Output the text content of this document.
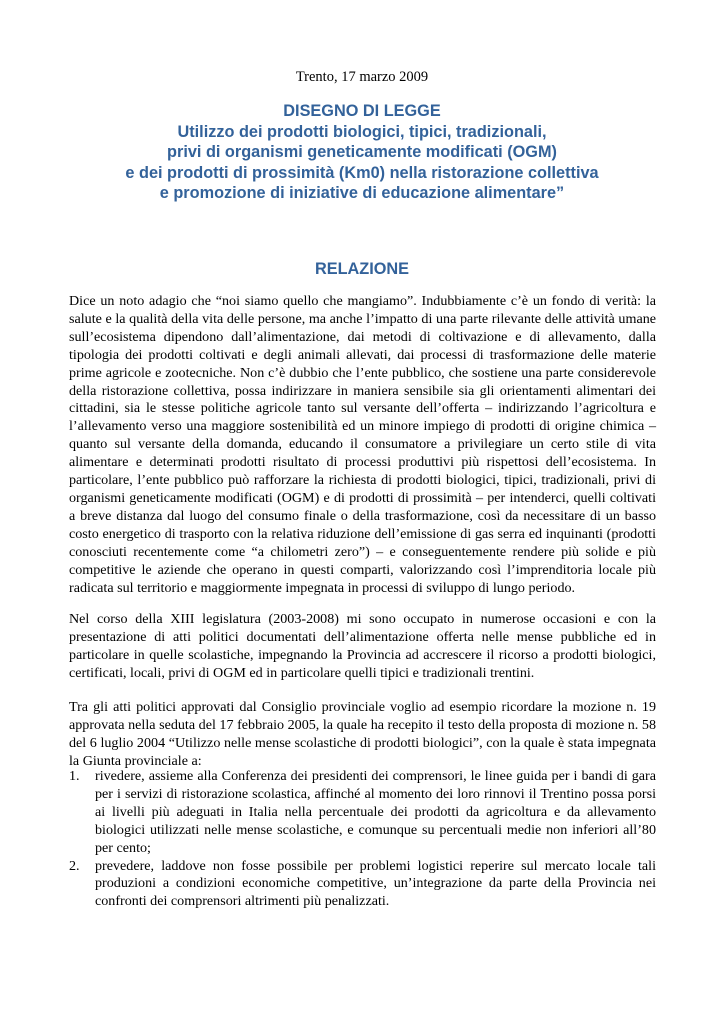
Trento, 17 marzo 2009
DISEGNO DI LEGGE
Utilizzo dei prodotti biologici, tipici, tradizionali,
privi di organismi geneticamente modificati (OGM)
e dei prodotti di prossimità (Km0) nella ristorazione collettiva
e promozione di iniziative di educazione alimentare”
RELAZIONE

Dice un noto adagio che “noi siamo quello che mangiamo”. Indubbiamente c’è un fondo di verità: la salute e la qualità della vita delle persone, ma anche l’impatto di una parte rilevante delle attività umane sull’ecosistema dipendono dall’alimentazione, dai metodi di coltivazione e di allevamento, dalla tipologia dei prodotti coltivati e degli animali allevati, dai processi di trasformazione delle materie prime agricole e zootecniche. Non c’è dubbio che l’ente pubblico, che sostiene una parte considerevole della ristorazione collettiva, possa indirizzare in maniera sensibile sia gli orientamenti alimentari dei cittadini, sia le stesse politiche agricole tanto sul versante dell’offerta – indirizzando l’agricoltura e l’allevamento verso una maggiore sostenibilità ed un minore impiego di prodotti di origine chimica – quanto sul versante della domanda, educando il consumatore a privilegiare un certo stile di vita alimentare e determinati prodotti risultato di processi produttivi più rispettosi dell’ecosistema. In particolare, l’ente pubblico può rafforzare la richiesta di prodotti biologici, tipici, tradizionali, privi di organismi geneticamente modificati (OGM) e di prodotti di prossimità – per intenderci, quelli coltivati a breve distanza dal luogo del consumo finale o della trasformazione, così da necessitare di un basso costo energetico di trasporto con la relativa riduzione dell’emissione di gas serra ed inquinanti (prodotti conosciuti recentemente come “a chilometri zero”) – e conseguentemente rendere più solide e più competitive le aziende che operano in questi comparti, valorizzando così l’imprenditoria locale più radicata sul territorio e maggiormente impegnata in processi di sviluppo di lungo periodo.

Nel corso della XIII legislatura (2003-2008) mi sono occupato in numerose occasioni e con la presentazione di atti politici documentati dell’alimentazione offerta nelle mense pubbliche ed in particolare in quelle scolastiche, impegnando la Provincia ad accrescere il ricorso a prodotti biologici, certificati, locali, privi di OGM ed in particolare quelli tipici e tradizionali trentini.

Tra gli atti politici approvati dal Consiglio provinciale voglio ad esempio ricordare la mozione n. 19 approvata nella seduta del 17 febbraio 2005, la quale ha recepito il testo della proposta di mozione n. 58 del 6 luglio 2004 “Utilizzo nelle mense scolastiche di prodotti biologici”, con la quale è stata impegnata la Giunta provinciale a:

1. rivedere, assieme alla Conferenza dei presidenti dei comprensori, le linee guida per i bandi di gara per i servizi di ristorazione scolastica, affinché al momento dei loro rinnovi il Trentino possa porsi ai livelli più adeguati in Italia nella percentuale dei prodotti da agricoltura e da allevamento biologici utilizzati nelle mense scolastiche, e comunque su percentuali medie non inferiori all’80 per cento;
2. prevedere, laddove non fosse possibile per problemi logistici reperire sul mercato locale tali produzioni a condizioni economiche competitive, un’integrazione da parte della Provincia nei confronti dei comprensori altrimenti più penalizzati.
